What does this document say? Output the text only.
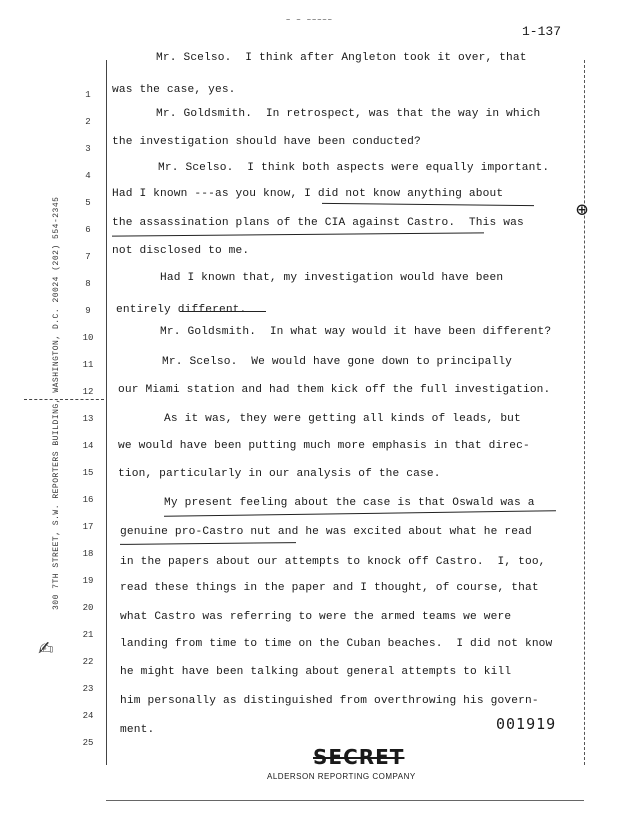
~ ~ ~~~~~
1-137
300 7TH STREET, S.W. REPORTERS BUILDING, WASHINGTON, D.C. 20024 (202) 554-2345
1
2
3
4
5
6
7
8
9
10
11
12
13
14
15
16
17
18
19
20
21
22
23
24
25
Mr. Scelso.  I think after Angleton took it over, that
was the case, yes.
Mr. Goldsmith.  In retrospect, was that the way in which
the investigation should have been conducted?
Mr. Scelso.  I think both aspects were equally important.
Had I known ---as you know, I did not know anything about
the assassination plans of the CIA against Castro.  This was
not disclosed to me.
Had I known that, my investigation would have been
entirely different.
Mr. Goldsmith.  In what way would it have been different?
Mr. Scelso.  We would have gone down to principally
our Miami station and had them kick off the full investigation.
As it was, they were getting all kinds of leads, but
we would have been putting much more emphasis in that direc-
tion, particularly in our analysis of the case.
My present feeling about the case is that Oswald was a
genuine pro-Castro nut and he was excited about what he read
in the papers about our attempts to knock off Castro.  I, too,
read these things in the paper and I thought, of course, that
what Castro was referring to were the armed teams we were
landing from time to time on the Cuban beaches.  I did not know
he might have been talking about general attempts to kill
him personally as distinguished from overthrowing his govern-
ment.
⊕
✍
001919
SECRET
ALDERSON REPORTING COMPANY
